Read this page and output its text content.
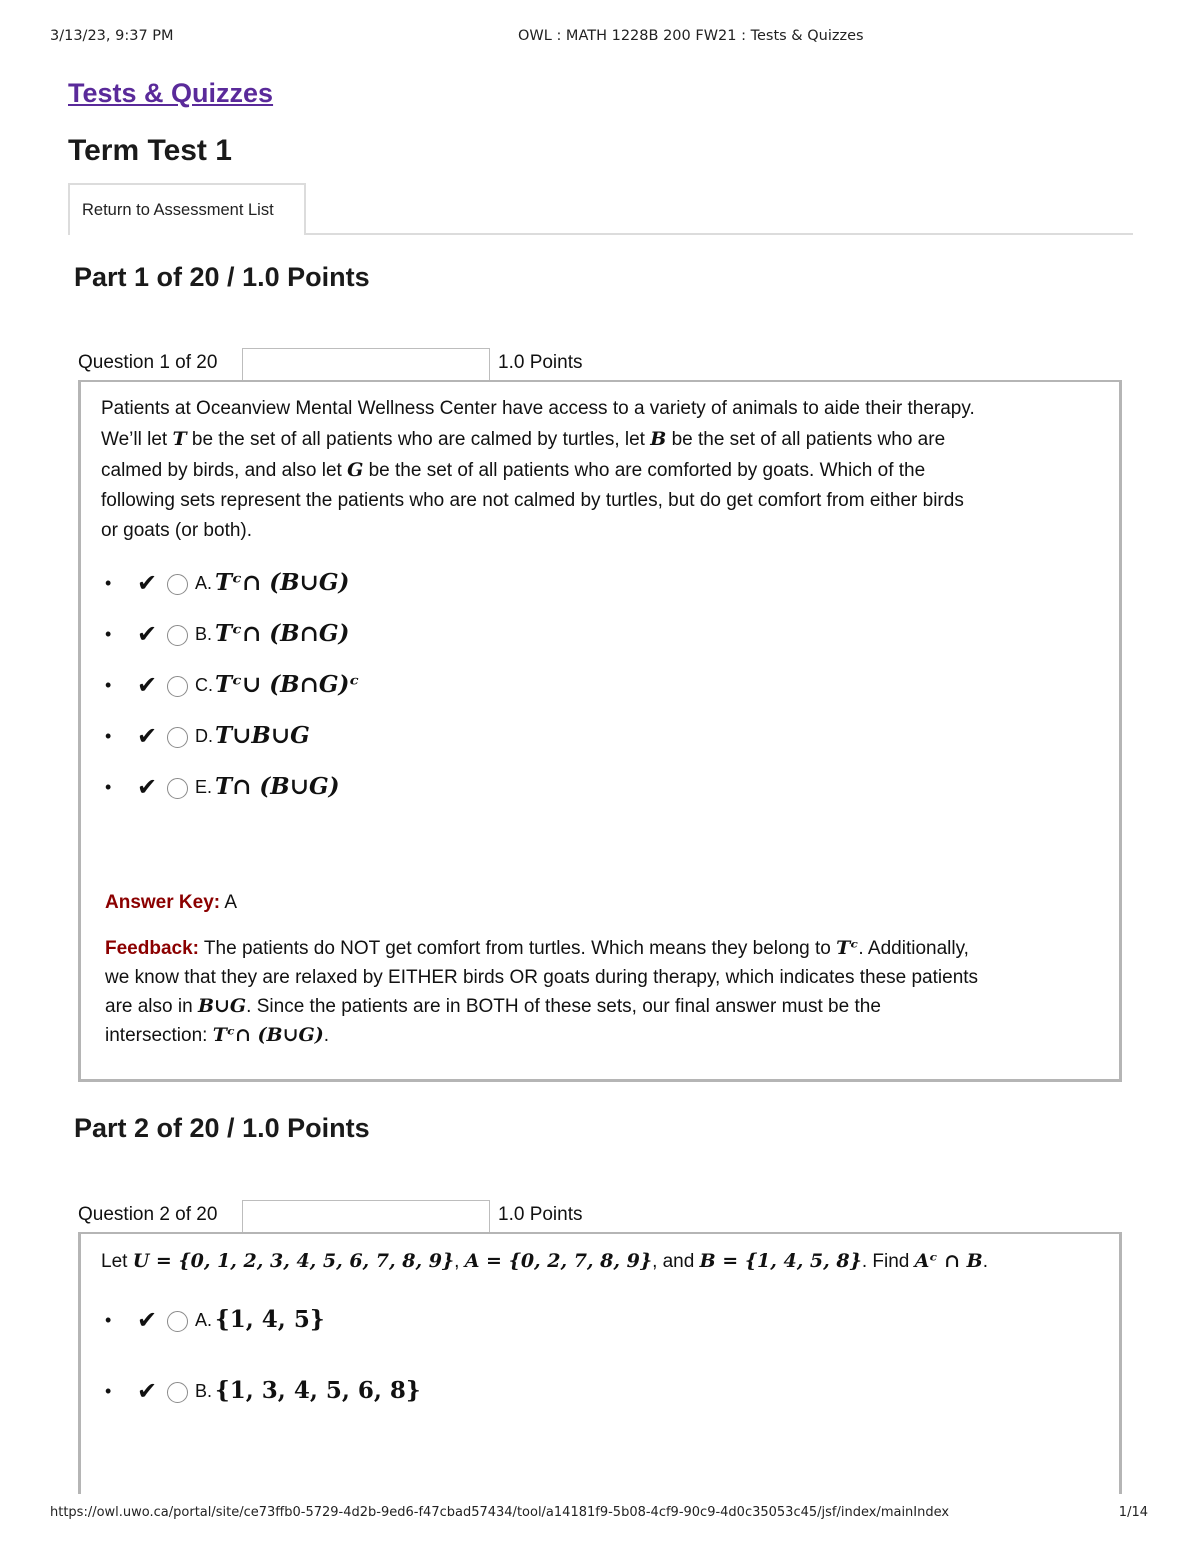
3/13/23, 9:37 PM	OWL : MATH 1228B 200 FW21 : Tests & Quizzes
Tests & Quizzes
Term Test 1
Return to Assessment List
Part 1 of 20 / 1.0 Points
Question 1 of 20	1.0 Points
Patients at Oceanview Mental Wellness Center have access to a variety of animals to aide their therapy.
We’ll let T be the set of all patients who are calmed by turtles, let B be the set of all patients who are
calmed by birds, and also let G be the set of all patients who are comforted by goats. Which of the
following sets represent the patients who are not calmed by turtles, but do get comfort from either birds
or goats (or both).
• ✔ A. Tᶜ∩ (B∪G)
• ✔ B. Tᶜ∩ (B∩G)
• ✔ C. Tᶜ∪ (B∩G)ᶜ
• ✔ D. T∪B∪G
• ✔ E. T∩ (B∪G)
Answer Key: A
Feedback: The patients do NOT get comfort from turtles. Which means they belong to Tᶜ. Additionally,
we know that they are relaxed by EITHER birds OR goats during therapy, which indicates these patients
are also in B∪G. Since the patients are in BOTH of these sets, our final answer must be the
intersection: Tᶜ∩ (B∪G).
Part 2 of 20 / 1.0 Points
Question 2 of 20	1.0 Points
Let U = {0, 1, 2, 3, 4, 5, 6, 7, 8, 9}, A = {0, 2, 7, 8, 9}, and B = {1, 4, 5, 8}. Find Aᶜ ∩ B.
• ✔ A. {1, 4, 5}
• ✔ B. {1, 3, 4, 5, 6, 8}
https://owl.uwo.ca/portal/site/ce73ffb0-5729-4d2b-9ed6-f47cbad57434/tool/a14181f9-5b08-4cf9-90c9-4d0c35053c45/jsf/index/mainIndex	1/14
